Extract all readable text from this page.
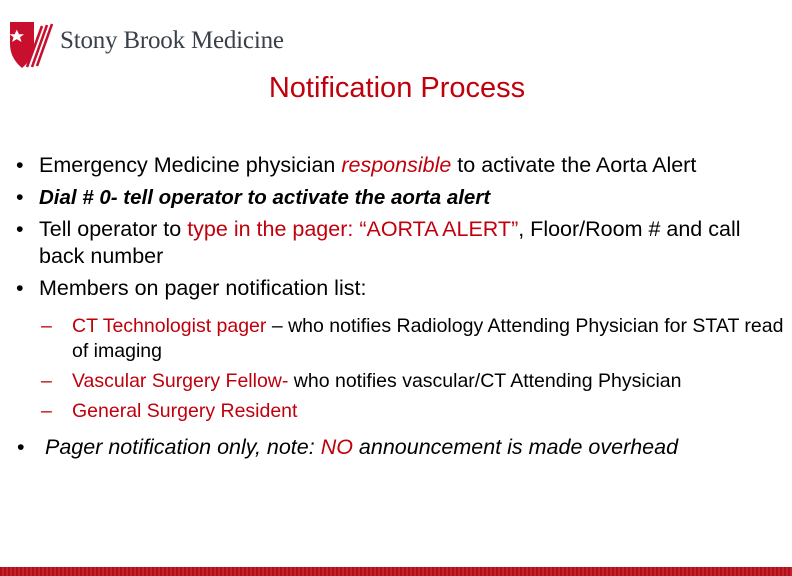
Stony Brook Medicine
Notification Process
• Emergency Medicine physician responsible to activate the Aorta Alert
• Dial # 0- tell operator to activate the aorta alert
• Tell operator to type in the pager: “AORTA ALERT”, Floor/Room # and call back number
• Members on pager notification list:
– CT Technologist pager – who notifies Radiology Attending Physician for STAT read of imaging
– Vascular Surgery Fellow- who notifies vascular/CT Attending Physician
– General Surgery Resident
• Pager notification only, note: NO announcement is made overhead
